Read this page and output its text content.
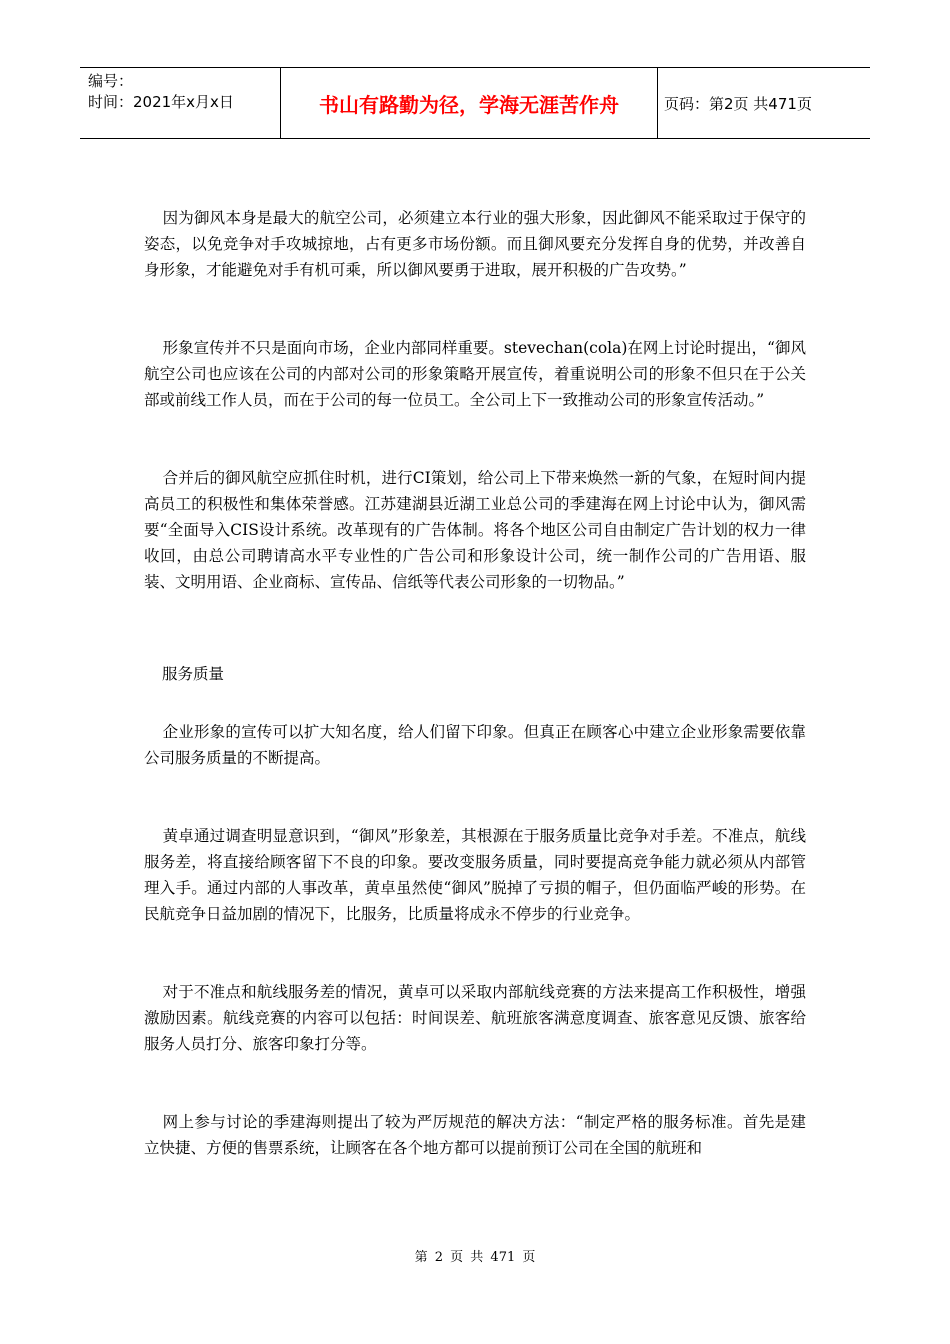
编号：
时间：2021年x月x日	书山有路勤为径，学海无涯苦作舟	页码：第2页 共471页

因为御风本身是最大的航空公司，必须建立本行业的强大形象，因此御风不能采取过于保守的姿态，以免竞争对手攻城掠地，占有更多市场份额。而且御风要充分发挥自身的优势，并改善自身形象，才能避免对手有机可乘，所以御风要勇于进取，展开积极的广告攻势。”

形象宣传并不只是面向市场，企业内部同样重要。stevechan(cola)在网上讨论时提出，“御风航空公司也应该在公司的内部对公司的形象策略开展宣传，着重说明公司的形象不但只在于公关部或前线工作人员，而在于公司的每一位员工。全公司上下一致推动公司的形象宣传活动。”

合并后的御风航空应抓住时机，进行CI策划，给公司上下带来焕然一新的气象，在短时间内提高员工的积极性和集体荣誉感。江苏建湖县近湖工业总公司的季建海在网上讨论中认为，御风需要“全面导入CIS设计系统。改革现有的广告体制。将各个地区公司自由制定广告计划的权力一律收回，由总公司聘请高水平专业性的广告公司和形象设计公司，统一制作公司的广告用语、服装、文明用语、企业商标、宣传品、信纸等代表公司形象的一切物品。”

服务质量

企业形象的宣传可以扩大知名度，给人们留下印象。但真正在顾客心中建立企业形象需要依靠公司服务质量的不断提高。

黄卓通过调查明显意识到，“御风”形象差，其根源在于服务质量比竞争对手差。不准点，航线服务差，将直接给顾客留下不良的印象。要改变服务质量，同时要提高竞争能力就必须从内部管理入手。通过内部的人事改革，黄卓虽然使“御风”脱掉了亏损的帽子，但仍面临严峻的形势。在民航竞争日益加剧的情况下，比服务，比质量将成永不停步的行业竞争。

对于不准点和航线服务差的情况，黄卓可以采取内部航线竞赛的方法来提高工作积极性，增强激励因素。航线竞赛的内容可以包括：时间误差、航班旅客满意度调查、旅客意见反馈、旅客给服务人员打分、旅客印象打分等。

网上参与讨论的季建海则提出了较为严厉规范的解决方法：“制定严格的服务标准。首先是建立快捷、方便的售票系统，让顾客在各个地方都可以提前预订公司在全国的航班和

第 2 页 共 471 页
